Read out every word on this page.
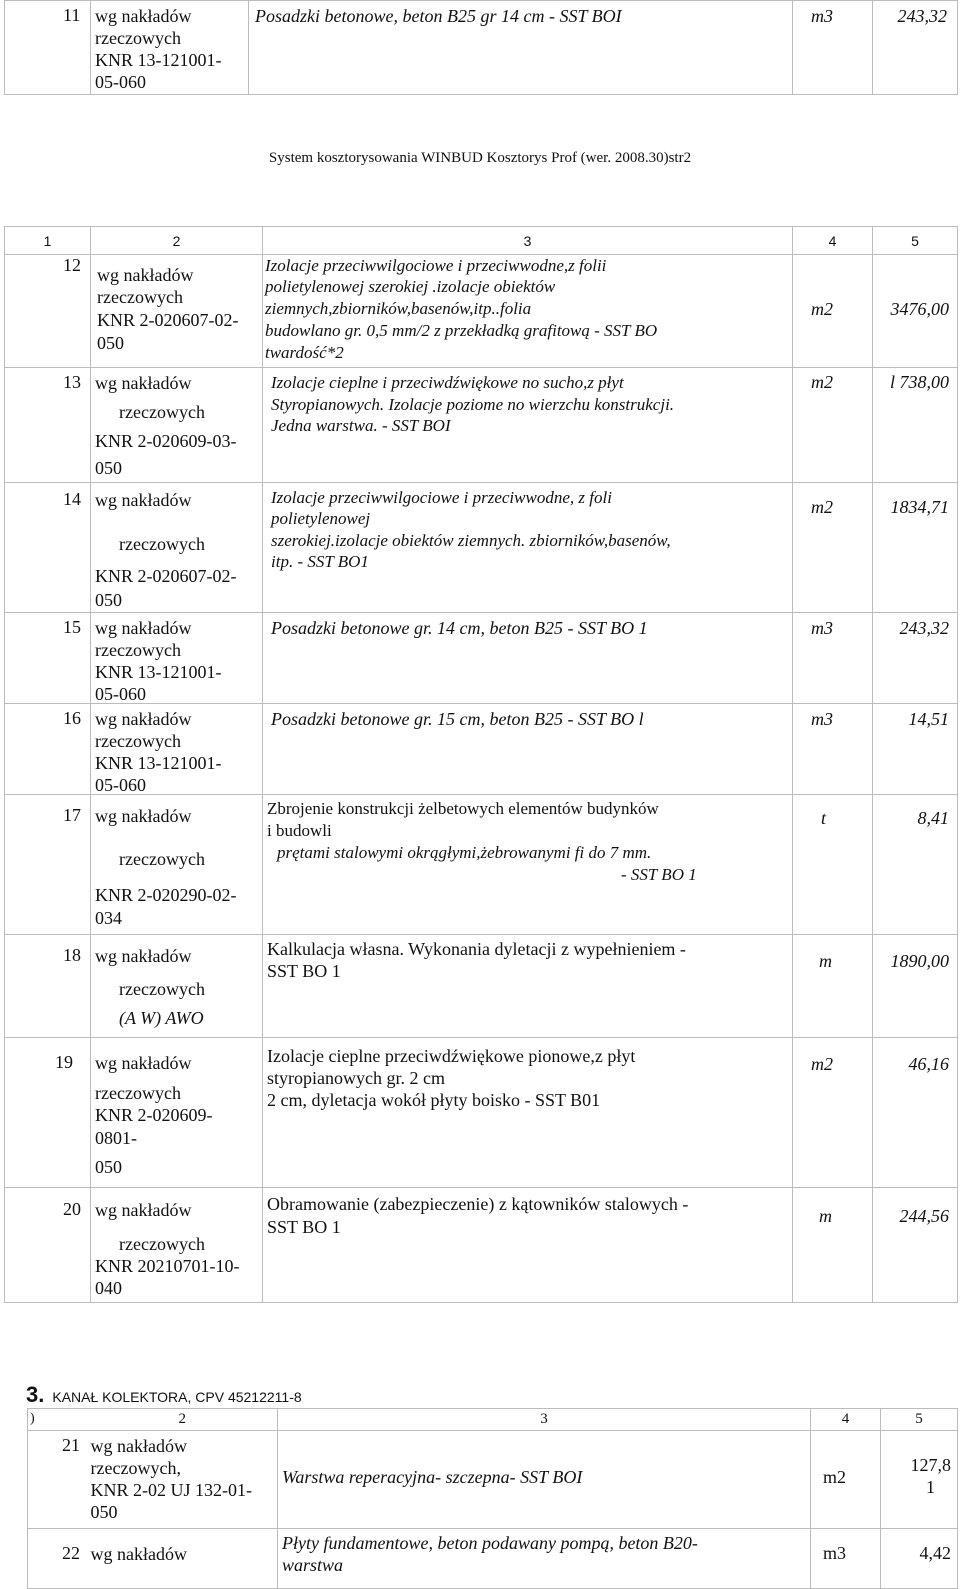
11	wg nakładów
rzeczowych
KNR 13-121001-
05-060

Posadzki betonowe, beton B25 gr 14 cm - SST BOI	m3	243,32
System kosztorysowania WINBUD Kosztorys Prof (wer. 2008.30)str2
1	2	3	4	5

12	wg nakładów
rzeczowych
KNR 2-020607-02-
050	Izolacje przeciwwilgociowe i przeciwwodne,z folii
polietylenowej szerokiej .izolacje obiektów
ziemnych,zbiorników,basenów,itp..folia
budowlano gr. 0,5 mm/2 z przekładką grafitową - SST BO
twardość*2	m2	3476,00

13	wg nakładów
rzeczowych
KNR 2-020609-03-
050	Izolacje cieplne i przeciwdźwiękowe no sucho,z płyt
Styropianowych. Izolacje poziome no wierzchu konstrukcji.
Jedna warstwa. - SST BOI	m2	l 738,00

14	wg nakładów
rzeczowych
KNR 2-020607-02-
050	Izolacje przeciwwilgociowe i przeciwwodne, z foli
polietylenowej
szerokiej.izolacje obiektów ziemnych. zbiorników,basenów,
itp. - SST BO1	m2	1834,71

15	wg nakładów
rzeczowych
KNR 13-121001-
05-060	Posadzki betonowe gr. 14 cm, beton B25 - SST BO 1	m3	243,32

16	wg nakładów
rzeczowych
KNR 13-121001-
05-060	Posadzki betonowe gr. 15 cm, beton B25 - SST BO l	m3	14,51

17	wg nakładów
rzeczowych
KNR 2-020290-02-
034	Zbrojenie konstrukcji żelbetowych elementów budynków
i budowli
prętami stalowymi okrągłymi,żebrowanymi fi do 7 mm.
- SST BO 1	t	8,41

18	wg nakładów
rzeczowych
(A W) AWO	Kalkulacja własna. Wykonania dyletacji z wypełnieniem -
SST BO 1	m	1890,00

19	wg nakładów
rzeczowych
KNR 2-020609-
0801-
050	Izolacje cieplne przeciwdźwiękowe pionowe,z płyt
styropianowych gr. 2 cm
2 cm, dyletacja wokół płyty boisko - SST B01	m2	46,16

20	wg nakładów
rzeczowych
KNR 20210701-10-
040	Obramowanie (zabezpieczenie) z kątowników stalowych -
SST BO 1	m	244,56
3. KANAŁ KOLEKTORA, CPV 45212211-8
)	2	3	4	5

21	wg nakładów
rzeczowych,
KNR 2-02 UJ 132-01-
050	Warstwa reperacyjna- szczepna- SST BOI	m2	127,8
1

22	wg nakładów	Płyty fundamentowe, beton podawany pompą, beton B20-
warstwa	m3	4,42
